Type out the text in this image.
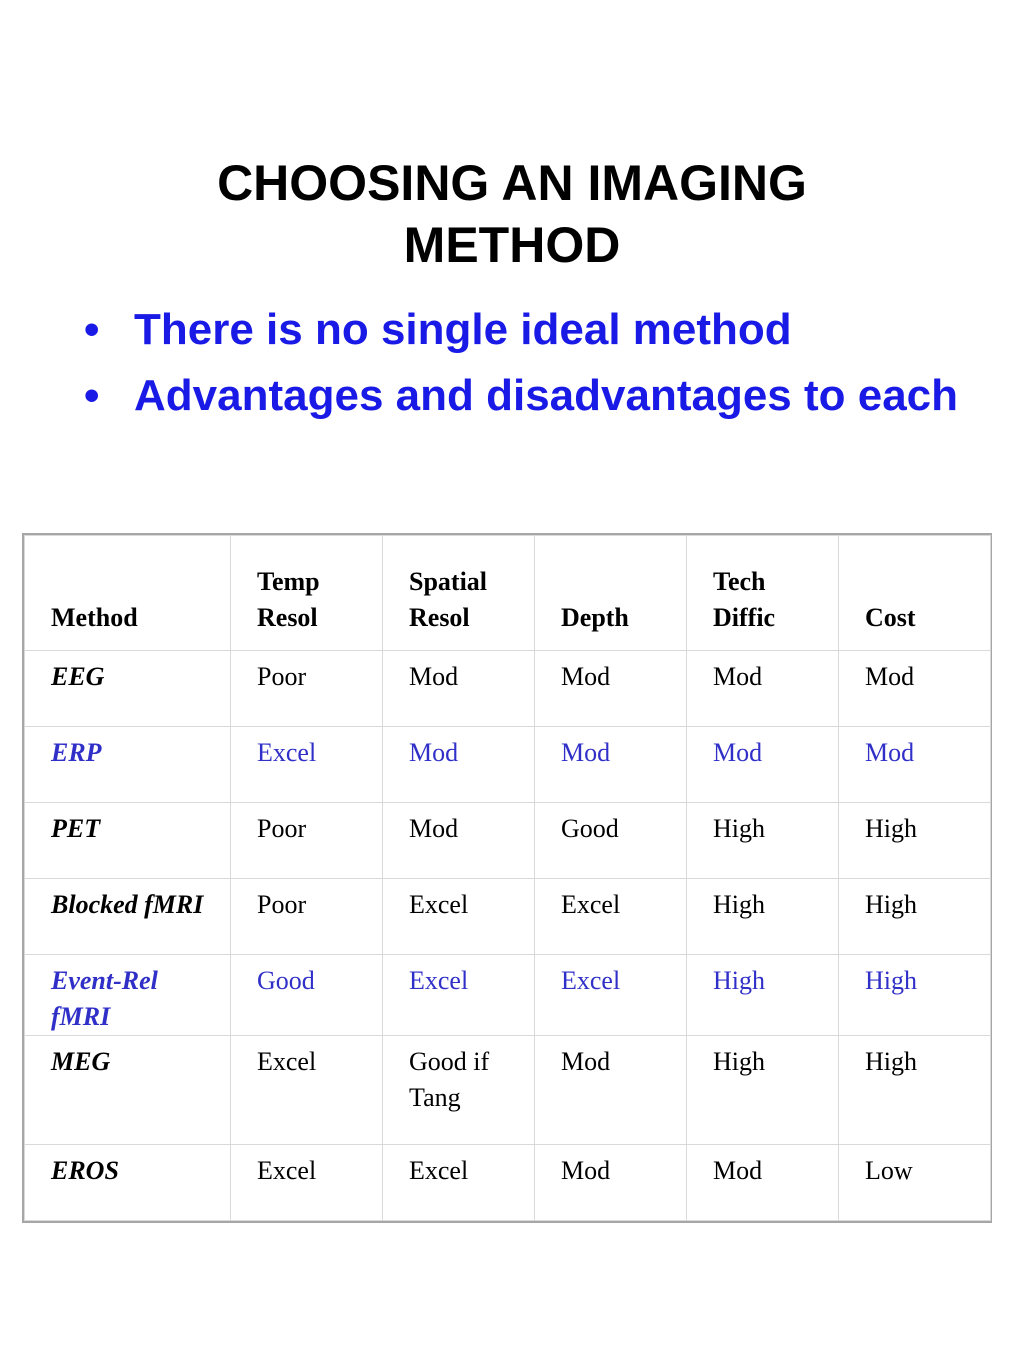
CHOOSING AN IMAGING
METHOD
• There is no single ideal method
• Advantages and disadvantages to each
Method	Temp Resol	Spatial Resol	Depth	Tech Diffic	Cost
EEG	Poor	Mod	Mod	Mod	Mod
ERP	Excel	Mod	Mod	Mod	Mod
PET	Poor	Mod	Good	High	High
Blocked fMRI	Poor	Excel	Excel	High	High
Event-Rel fMRI	Good	Excel	Excel	High	High
MEG	Excel	Good if Tang	Mod	High	High
EROS	Excel	Excel	Mod	Mod	Low
